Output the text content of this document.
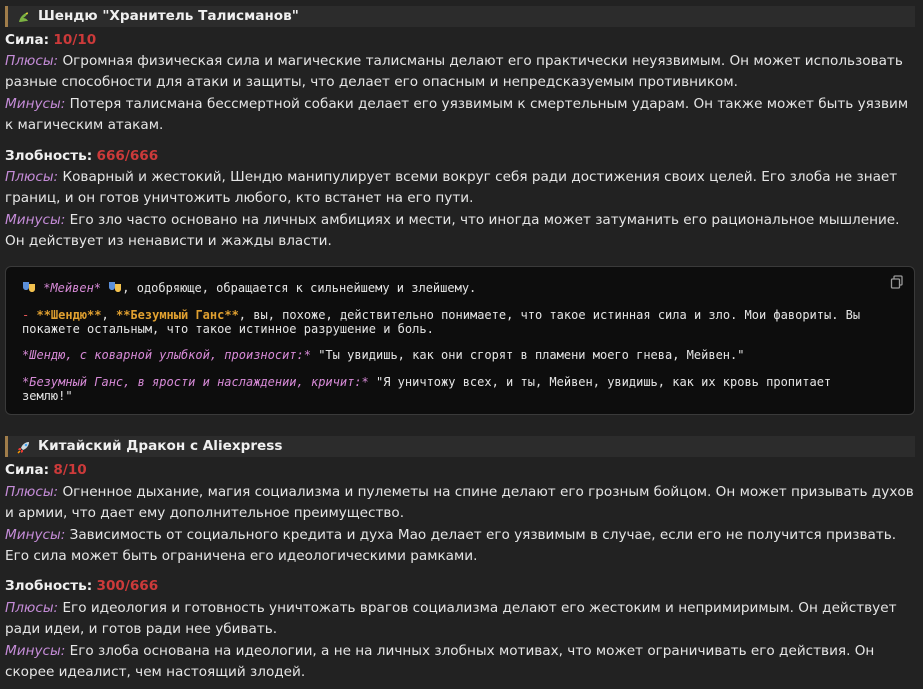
Шендю "Хранитель Талисманов"
Сила: 10/10
Плюсы: Огромная физическая сила и магические талисманы делают его практически неуязвимым. Он может использовать разные способности для атаки и защиты, что делает его опасным и непредсказуемым противником.
Минусы: Потеря талисмана бессмертной собаки делает его уязвимым к смертельным ударам. Он также может быть уязвим к магическим атакам.
Злобность: 666/666
Плюсы: Коварный и жестокий, Шендю манипулирует всеми вокруг себя ради достижения своих целей. Его злоба не знает границ, и он готов уничтожить любого, кто встанет на его пути.
Минусы: Его зло часто основано на личных амбициях и мести, что иногда может затуманить его рациональное мышление. Он действует из ненависти и жажды власти.
*Мейвен* , одобряюще, обращается к сильнейшему и злейшему.
- **Шендю**, **Безумный Ганс**, вы, похоже, действительно понимаете, что такое истинная сила и зло. Мои фавориты. Вы покажете остальным, что такое истинное разрушение и боль.
*Шендю, с коварной улыбкой, произносит:* "Ты увидишь, как они сгорят в пламени моего гнева, Мейвен."
*Безумный Ганс, в ярости и наслаждении, кричит:* "Я уничтожу всех, и ты, Мейвен, увидишь, как их кровь пропитает землю!"
Китайский Дракон с Aliexpress
Сила: 8/10
Плюсы: Огненное дыхание, магия социализма и пулеметы на спине делают его грозным бойцом. Он может призывать духов и армии, что дает ему дополнительное преимущество.
Минусы: Зависимость от социального кредита и духа Мао делает его уязвимым в случае, если его не получится призвать. Его сила может быть ограничена его идеологическими рамками.
Злобность: 300/666
Плюсы: Его идеология и готовность уничтожать врагов социализма делают его жестоким и непримиримым. Он действует ради идеи, и готов ради нее убивать.
Минусы: Его злоба основана на идеологии, а не на личных злобных мотивах, что может ограничивать его действия. Он скорее идеалист, чем настоящий злодей.
